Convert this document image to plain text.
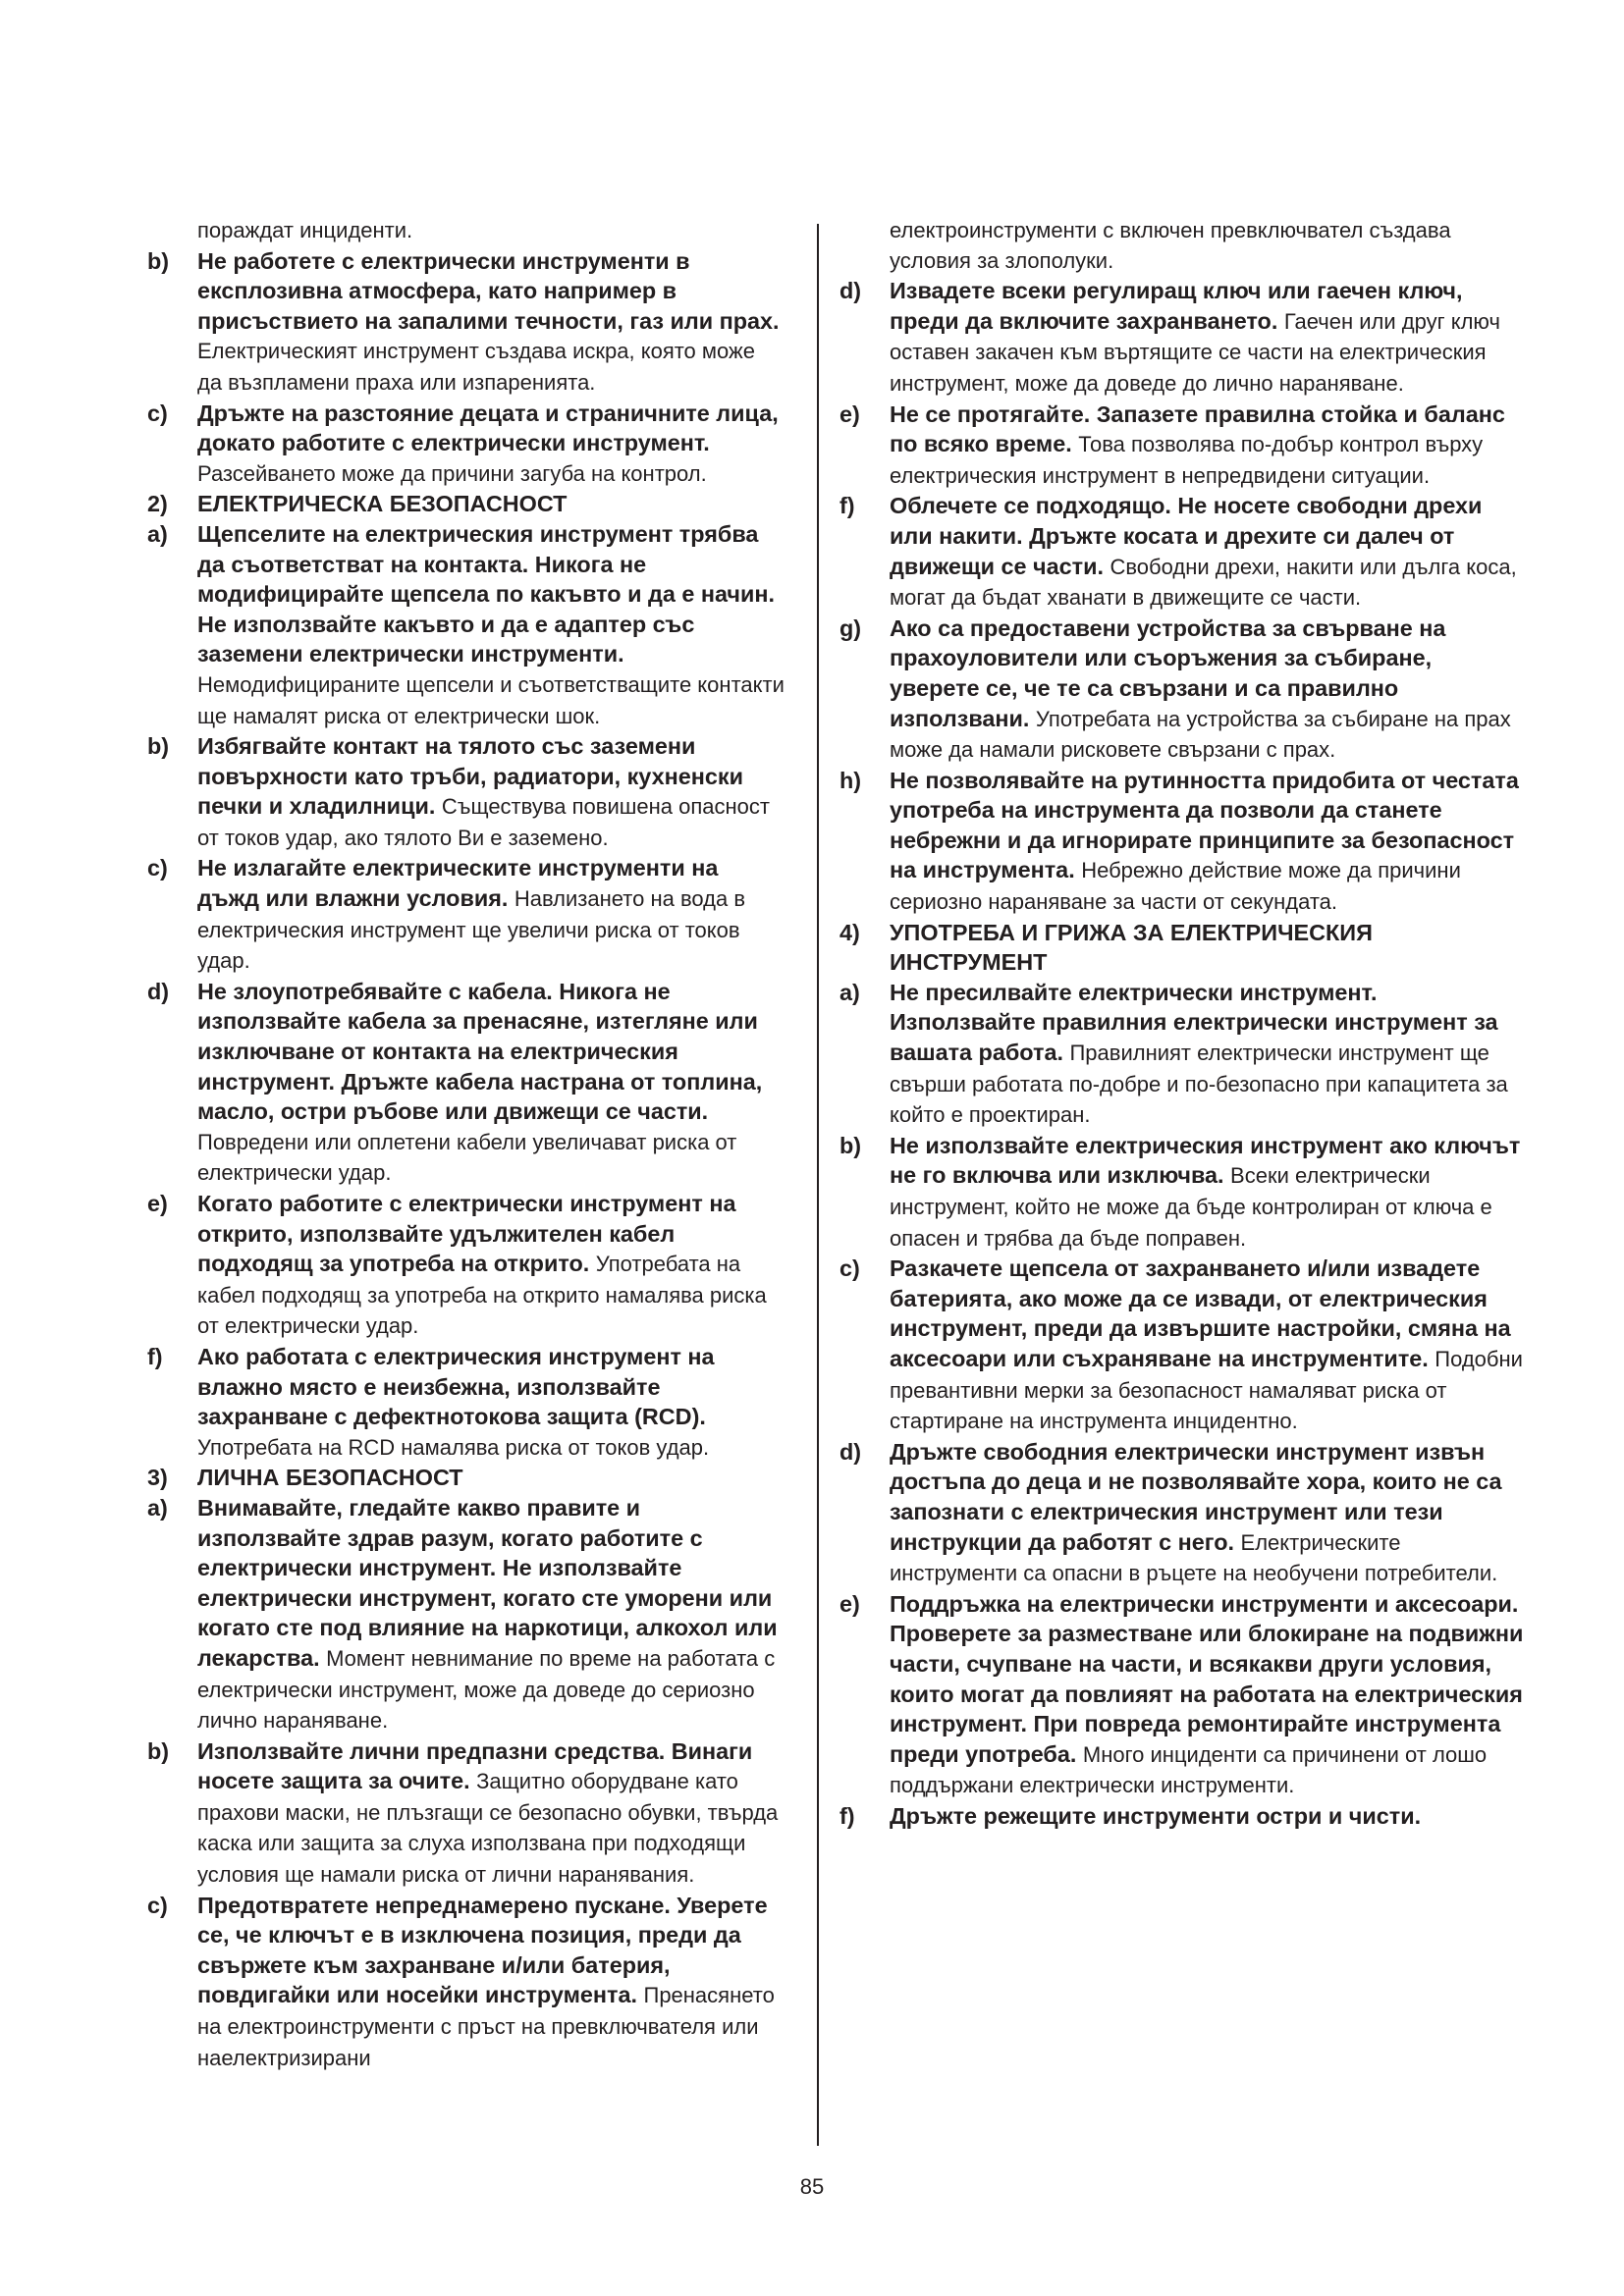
пораждат инциденти.
b) Не работете с електрически инструменти в експлозивна атмосфера, като например в присъствието на запалими течности, газ или прах. Електрическият инструмент създава искра, която може да възпламени праха или изпаренията.
c) Дръжте на разстояние децата и страничните лица, докато работите с електрически инструмент. Разсейването може да причини загуба на контрол.
2) ЕЛЕКТРИЧЕСКА БЕЗОПАСНОСТ
a) Щепселите на електрическия инструмент трябва да съответстват на контакта. Никога не модифицирайте щепсела по какъвто и да е начин. Не използвайте какъвто и да е адаптер със заземени електрически инструменти. Немодифицираните щепсели и съответстващите контакти ще намалят риска от електрически шок.
b) Избягвайте контакт на тялото със заземени повърхности като тръби, радиатори, кухненски печки и хладилници. Съществува повишена опасност от токов удар, ако тялото Ви е заземено.
c) Не излагайте електрическите инструменти на дъжд или влажни условия. Навлизането на вода в електрическия инструмент ще увеличи риска от токов удар.
d) Не злоупотребявайте с кабела. Никога не използвайте кабела за пренасяне, изтегляне или изключване от контакта на електрическия инструмент. Дръжте кабела настрана от топлина, масло, остри ръбове или движещи се части. Повредени или оплетени кабели увеличават риска от електрически удар.
e) Когато работите с електрически инструмент на открито, използвайте удължителен кабел подходящ за употреба на открито. Употребата на кабел подходящ за употреба на открито намалява риска от електрически удар.
f) Ако работата с електрическия инструмент на влажно място е неизбежна, използвайте захранване с дефектнотокова защита (RCD). Употребата на RCD намалява риска от токов удар.
3) ЛИЧНА БЕЗОПАСНОСТ
a) Внимавайте, гледайте какво правите и използвайте здрав разум, когато работите с електрически инструмент. Не използвайте електрически инструмент, когато сте уморени или когато сте под влияние на наркотици, алкохол или лекарства. Момент невнимание по време на работата с електрически инструмент, може да доведе до сериозно лично нараняване.
b) Използвайте лични предпазни средства. Винаги носете защита за очите. Защитно оборудване като прахови маски, не плъзгащи се безопасно обувки, твърда каска или защита за слуха използвана при подходящи условия ще намали риска от лични наранявания.
c) Предотвратете непреднамерено пускане. Уверете се, че ключът е в изключена позиция, преди да свържете към захранване и/или батерия, повдигайки или носейки инструмента. Пренасянето на електроинструменти с пръст на превключвателя или наелектризирани
електроинструменти с включен превключвател създава условия за злополуки.
d) Извадете всеки регулиращ ключ или гаечен ключ, преди да включите захранването. Гаечен или друг ключ оставен закачен към въртящите се части на електрическия инструмент, може да доведе до лично нараняване.
e) Не се протягайте. Запазете правилна стойка и баланс по всяко време. Това позволява по-добър контрол върху електрическия инструмент в непредвидени ситуации.
f) Облечете се подходящо. Не носете свободни дрехи или накити. Дръжте косата и дрехите си далеч от движещи се части. Свободни дрехи, накити или дълга коса, могат да бъдат хванати в движещите се части.
g) Ако са предоставени устройства за свърване на прахоуловители или съоръжения за събиране, уверете се, че те са свързани и са правилно използвани. Употребата на устройства за събиране на прах може да намали рисковете свързани с прах.
h) Не позволявайте на рутинността придобита от честата употреба на инструмента да позволи да станете небрежни и да игнорирате принципите за безопасност на инструмента. Небрежно действие може да причини сериозно нараняване за части от секундата.
4) УПОТРЕБА И ГРИЖА ЗА ЕЛЕКТРИЧЕСКИЯ ИНСТРУМЕНТ
a) Не пресилвайте електрически инструмент. Използвайте правилния електрически инструмент за вашата работа. Правилният електрически инструмент ще свърши работата по-добре и по-безопасно при капацитета за който е проектиран.
b) Не използвайте електрическия инструмент ако ключът не го включва или изключва. Всеки електрически инструмент, който не може да бъде контролиран от ключа е опасен и трябва да бъде поправен.
c) Разкачете щепсела от захранването и/или извадете батерията, ако може да се извади, от електрическия инструмент, преди да извършите настройки, смяна на аксесоари или съхраняване на инструментите. Подобни превантивни мерки за безопасност намаляват риска от стартиране на инструмента инцидентно.
d) Дръжте свободния електрически инструмент извън достъпа до деца и не позволявайте хора, които не са запознати с електрическия инструмент или тези инструкции да работят с него. Електрическите инструменти са опасни в ръцете на необучени потребители.
e) Поддръжка на електрически инструменти и аксесоари. Проверете за разместване или блокиране на подвижни части, счупване на части, и всякакви други условия, които могат да повлияят на работата на електрическия инструмент. При повреда ремонтирайте инструмента преди употреба. Много инциденти са причинени от лошо поддържани електрически инструменти.
f) Дръжте режещите инструменти остри и чисти.
85
